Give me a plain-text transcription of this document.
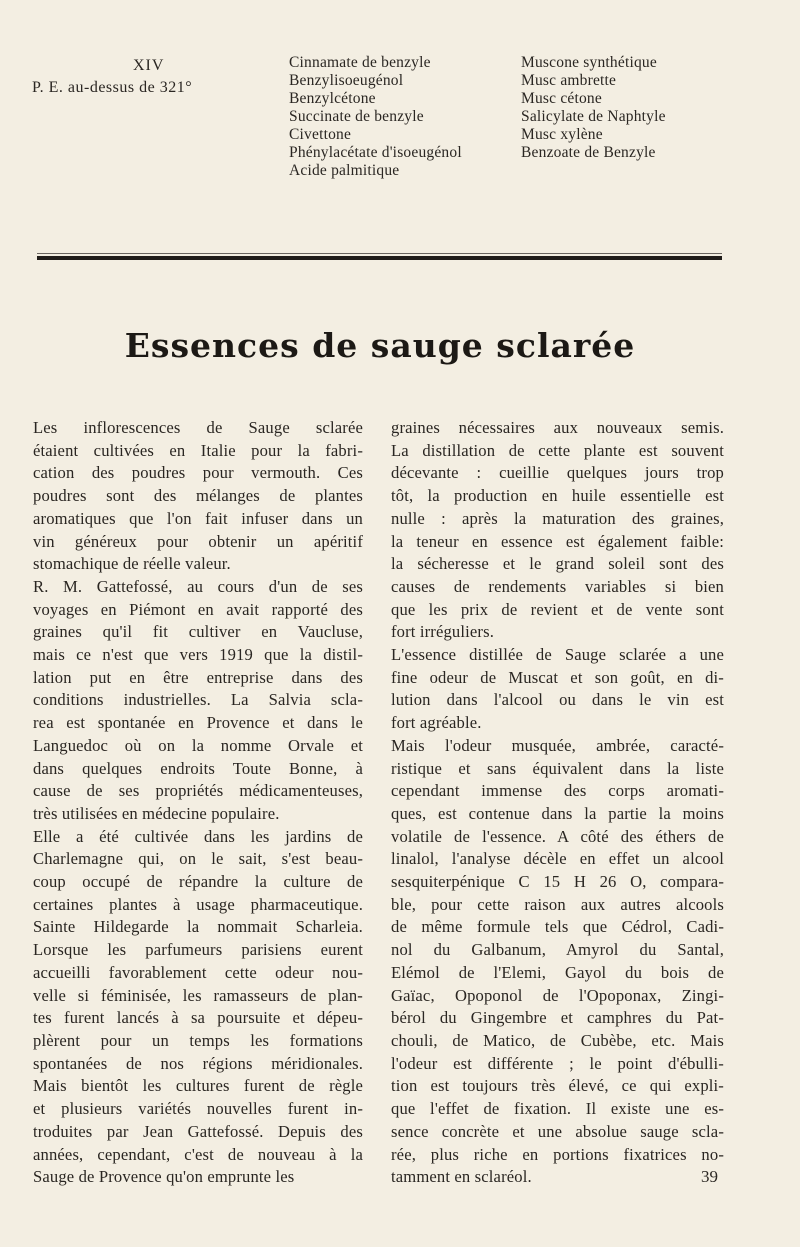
XIV
P. E. au-dessus de 321°
Cinnamate de benzyle
Benzylisoeugénol
Benzylcétone
Succinate de benzyle
Civettone
Phénylacétate d'isoeugénol
Acide palmitique
Muscone synthétique
Musc ambrette
Musc cétone
Salicylate de Naphtyle
Musc xylène
Benzoate de Benzyle
Essences de sauge sclarée
Les inflorescences de Sauge sclarée
étaient cultivées en Italie pour la fabri-
cation des poudres pour vermouth. Ces
poudres sont des mélanges de plantes
aromatiques que l'on fait infuser dans un
vin généreux pour obtenir un apéritif
stomachique de réelle valeur.
R. M. Gattefossé, au cours d'un de ses
voyages en Piémont en avait rapporté des
graines qu'il fit cultiver en Vaucluse,
mais ce n'est que vers 1919 que la distil-
lation put en être entreprise dans des
conditions industrielles. La Salvia scla-
rea est spontanée en Provence et dans le
Languedoc où on la nomme Orvale et
dans quelques endroits Toute Bonne, à
cause de ses propriétés médicamenteuses,
très utilisées en médecine populaire.
Elle a été cultivée dans les jardins de
Charlemagne qui, on le sait, s'est beau-
coup occupé de répandre la culture de
certaines plantes à usage pharmaceutique.
Sainte Hildegarde la nommait Scharleia.
Lorsque les parfumeurs parisiens eurent
accueilli favorablement cette odeur nou-
velle si féminisée, les ramasseurs de plan-
tes furent lancés à sa poursuite et dépeu-
plèrent pour un temps les formations
spontanées de nos régions méridionales.
Mais bientôt les cultures furent de règle
et plusieurs variétés nouvelles furent in-
troduites par Jean Gattefossé. Depuis des
années, cependant, c'est de nouveau à la
Sauge de Provence qu'on emprunte les
graines nécessaires aux nouveaux semis.
La distillation de cette plante est souvent
décevante : cueillie quelques jours trop
tôt, la production en huile essentielle est
nulle : après la maturation des graines,
la teneur en essence est également faible:
la sécheresse et le grand soleil sont des
causes de rendements variables si bien
que les prix de revient et de vente sont
fort irréguliers.
L'essence distillée de Sauge sclarée a une
fine odeur de Muscat et son goût, en di-
lution dans l'alcool ou dans le vin est
fort agréable.
Mais l'odeur musquée, ambrée, caracté-
ristique et sans équivalent dans la liste
cependant immense des corps aromati-
ques, est contenue dans la partie la moins
volatile de l'essence. A côté des éthers de
linalol, l'analyse décèle en effet un alcool
sesquiterpénique C 15 H 26 O, compara-
ble, pour cette raison aux autres alcools
de même formule tels que Cédrol, Cadi-
nol du Galbanum, Amyrol du Santal,
Elémol de l'Elemi, Gayol du bois de
Gaïac, Opoponol de l'Opoponax, Zingi-
bérol du Gingembre et camphres du Pat-
chouli, de Matico, de Cubèbe, etc. Mais
l'odeur est différente ; le point d'ébulli-
tion est toujours très élevé, ce qui expli-
que l'effet de fixation. Il existe une es-
sence concrète et une absolue sauge scla-
rée, plus riche en portions fixatrices no-
tamment en sclaréol.	39
